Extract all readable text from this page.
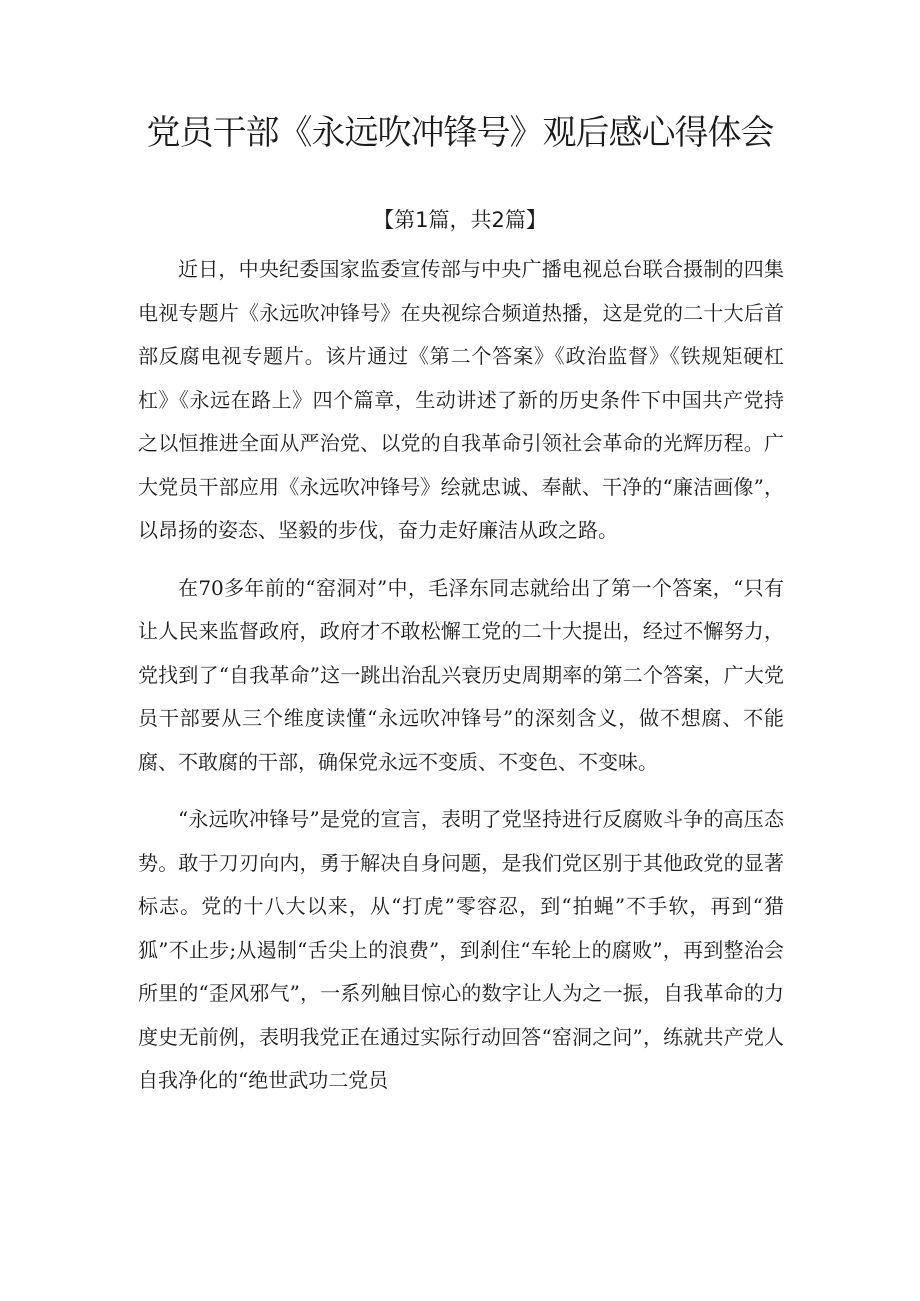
党员干部《永远吹冲锋号》观后感心得体会
【第1篇，共2篇】

近日，中央纪委国家监委宣传部与中央广播电视总台联合摄制的四集电视专题片《永远吹冲锋号》在央视综合频道热播，这是党的二十大后首部反腐电视专题片。该片通过《第二个答案》《政治监督》《铁规矩硬杠杠》《永远在路上》四个篇章，生动讲述了新的历史条件下中国共产党持之以恒推进全面从严治党、以党的自我革命引领社会革命的光辉历程。广大党员干部应用《永远吹冲锋号》绘就忠诚、奉献、干净的“廉洁画像”，以昂扬的姿态、坚毅的步伐，奋力走好廉洁从政之路。

在70多年前的“窑洞对”中，毛泽东同志就给出了第一个答案，“只有让人民来监督政府，政府才不敢松懈工党的二十大提出，经过不懈努力，党找到了“自我革命”这一跳出治乱兴衰历史周期率的第二个答案，广大党员干部要从三个维度读懂“永远吹冲锋号”的深刻含义，做不想腐、不能腐、不敢腐的干部，确保党永远不变质、不变色、不变味。

“永远吹冲锋号”是党的宣言，表明了党坚持进行反腐败斗争的高压态势。敢于刀刃向内，勇于解决自身问题，是我们党区别于其他政党的显著标志。党的十八大以来，从“打虎”零容忍，到“拍蝇”不手软，再到“猎狐”不止步;从遏制“舌尖上的浪费”，到刹住“车轮上的腐败”，再到整治会所里的“歪风邪气”，一系列触目惊心的数字让人为之一振，自我革命的力度史无前例，表明我党正在通过实际行动回答“窑洞之问”，练就共产党人自我净化的“绝世武功二党员
